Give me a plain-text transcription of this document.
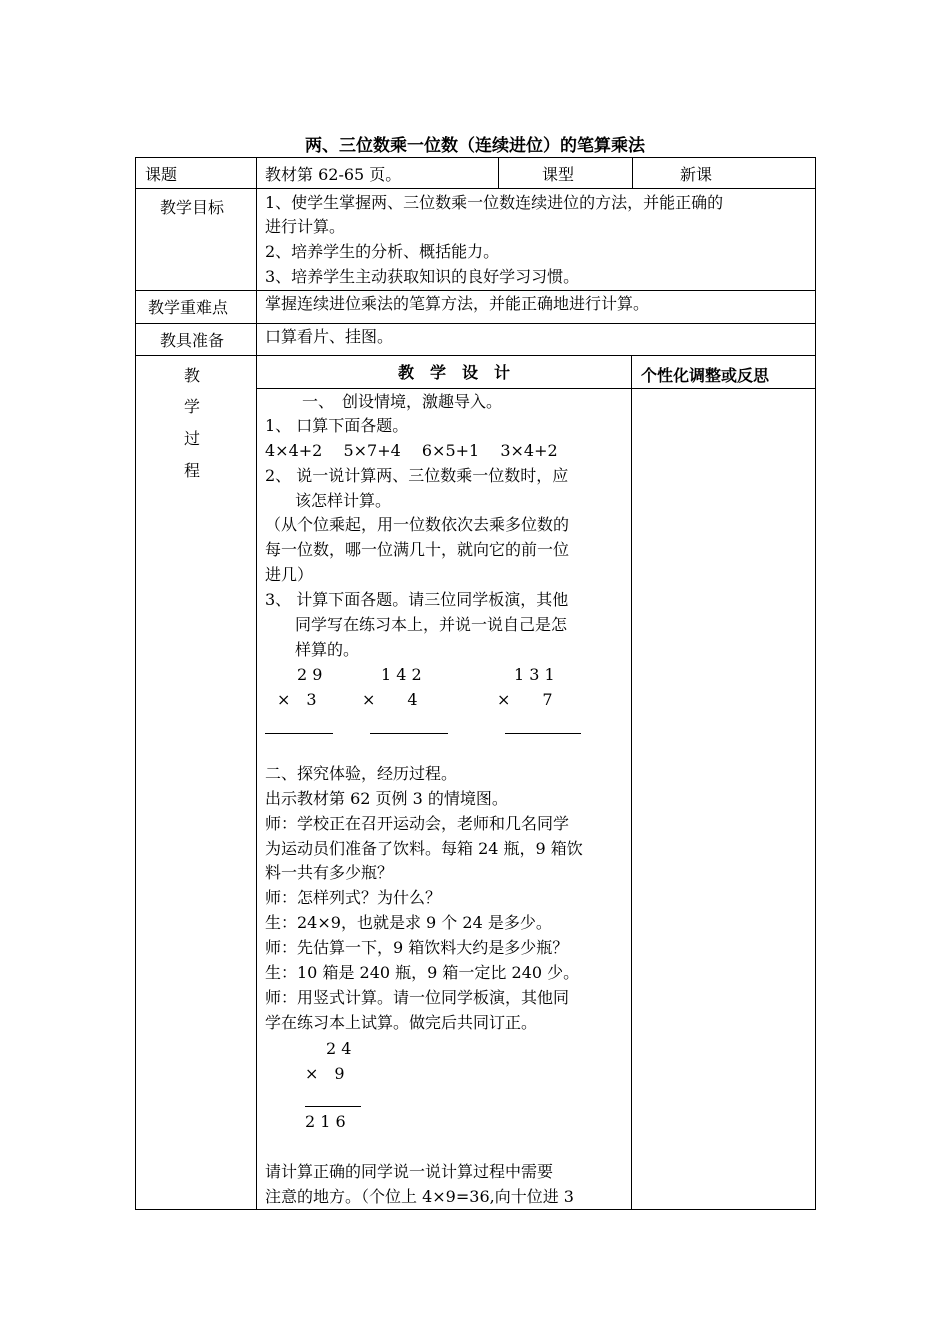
两、三位数乘一位数（连续进位）的笔算乘法
课题	教材第 62-65 页。	课型	新课
教学目标	1、使学生掌握两、三位数乘一位数连续进位的方法，并能正确的
进行计算。
2、培养学生的分析、概括能力。
3、培养学生主动获取知识的良好学习习惯。
教学重难点 掌握连续进位乘法的笔算方法，并能正确地进行计算。
教具准备	口算看片、挂图。
教
学
过
程
教　学　设　计	个性化调整或反思
一、　创设情境，激趣导入。
1、 口算下面各题。
4×4+2　 5×7+4　 6×5+1　 3×4+2
2、 说一说计算两、三位数乘一位数时，应
该怎样计算。
（从个位乘起，用一位数依次去乘多位数的
每一位数，哪一位满几十，就向它的前一位
进几）
3、 计算下面各题。请三位同学板演，其他
同学写在练习本上，并说一说自己是怎
样算的。
2 9
×　3
1 4 2
×　　4
1 3 1
×　　7
二、探究体验，经历过程。
出示教材第 62 页例 3 的情境图。
师：学校正在召开运动会，老师和几名同学
为运动员们准备了饮料。每箱 24 瓶，9 箱饮
料一共有多少瓶？
师：怎样列式？为什么？
生：24×9，也就是求 9 个 24 是多少。
师：先估算一下，9 箱饮料大约是多少瓶？
生：10 箱是 240 瓶，9 箱一定比 240 少。
师：用竖式计算。请一位同学板演，其他同
学在练习本上试算。做完后共同订正。
2 4
×　9
2 1 6
请计算正确的同学说一说计算过程中需要
注意的地方。（个位上 4×9=36,向十位进 3
